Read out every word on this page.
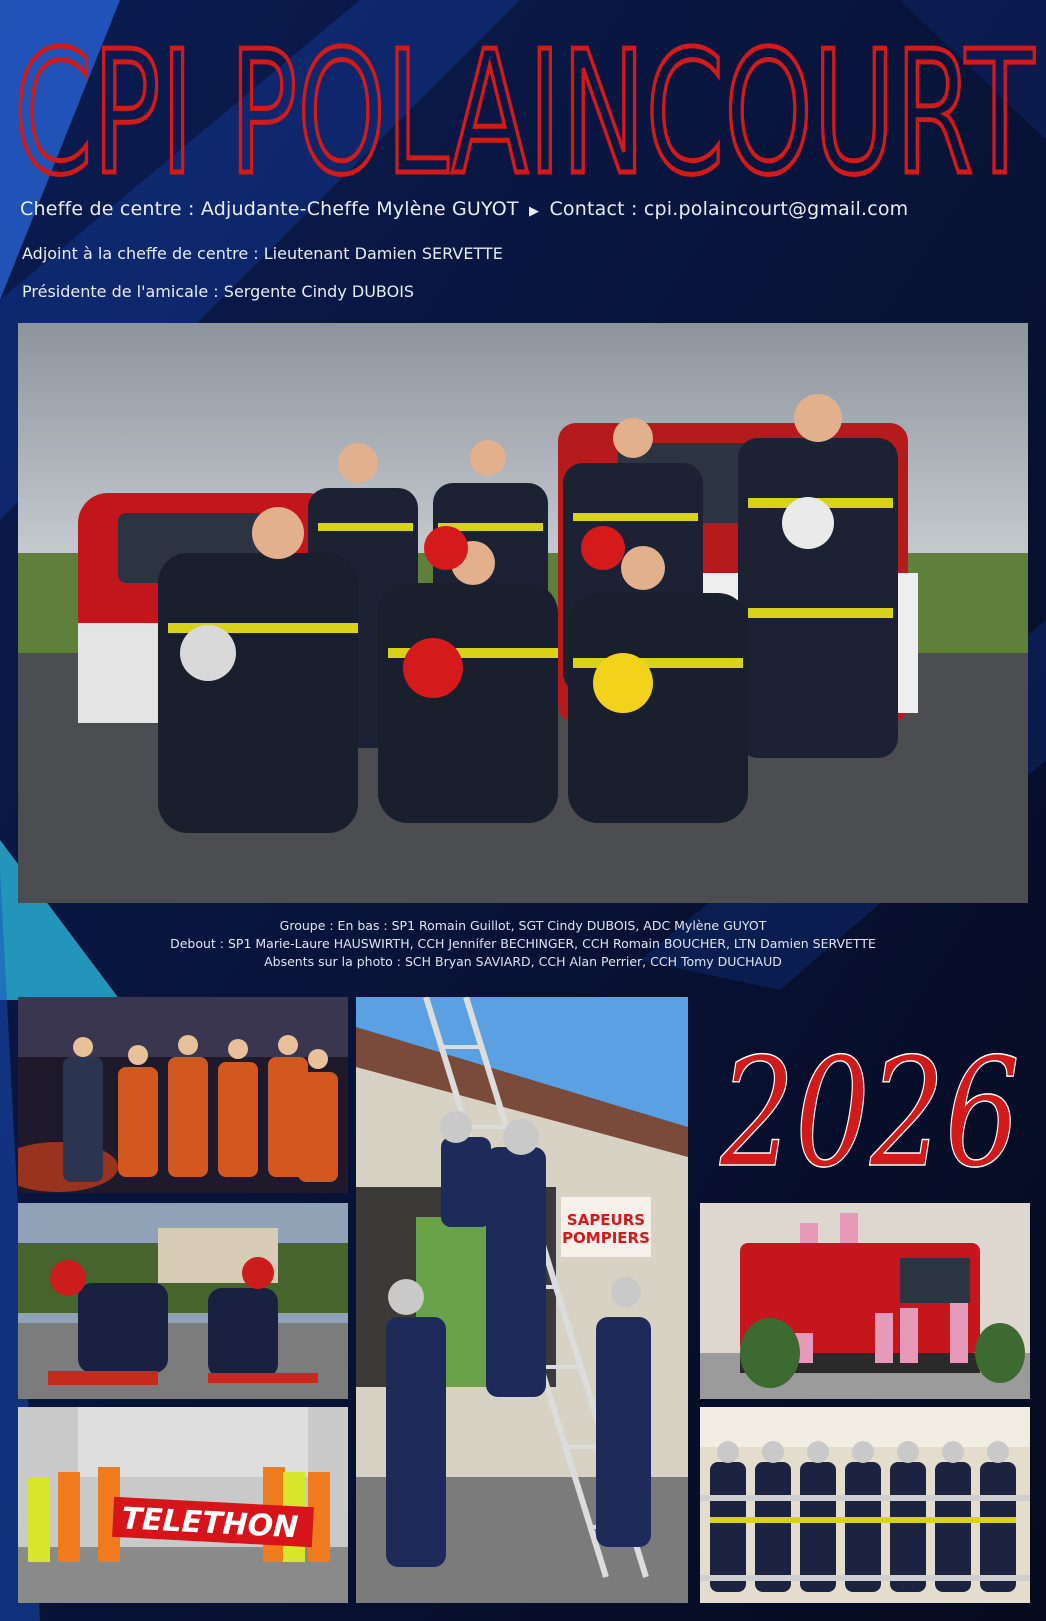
CPI POLAINCOURT
Cheffe de centre : Adjudante-Cheffe Mylène GUYOT ▶ Contact : cpi.polaincourt@gmail.com
Adjoint à la cheffe de centre : Lieutenant Damien SERVETTE
Présidente de l'amicale : Sergente Cindy DUBOIS
Groupe : En bas : SP1 Romain Guillot, SGT Cindy DUBOIS, ADC Mylène GUYOT
Debout : SP1 Marie-Laure HAUSWIRTH, CCH Jennifer BECHINGER, CCH Romain BOUCHER, LTN Damien SERVETTE
Absents sur la photo : SCH Bryan SAVIARD, CCH Alan Perrier, CCH Tomy DUCHAUD
SAPEURS
POMPIERS
2026
TELETHON
